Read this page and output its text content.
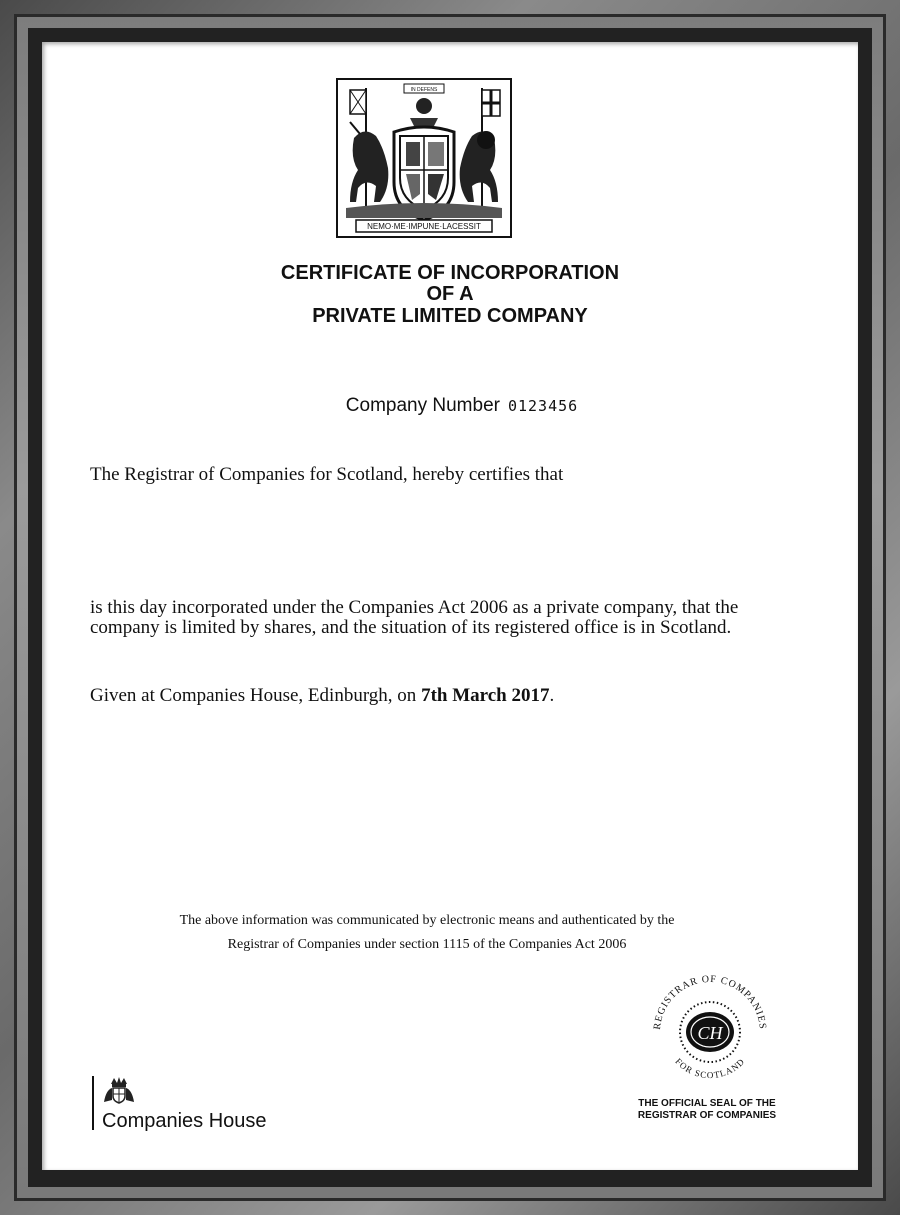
IN DEFENS
NEMO·ME·IMPUNE·LACESSIT
CERTIFICATE OF INCORPORATION
OF A
PRIVATE LIMITED COMPANY
Company Number 0123456
The Registrar of Companies for Scotland, hereby certifies that
is this day incorporated under the Companies Act 2006 as a private company, that the
company is limited by shares, and the situation of its registered office is in Scotland.
Given at Companies House, Edinburgh, on 7th March 2017.
The above information was communicated by electronic means and authenticated by the
Registrar of Companies under section 1115 of the Companies Act 2006
REGISTRAR OF COMPANIES
CH
FOR SCOTLAND
THE OFFICIAL SEAL OF THE
REGISTRAR OF COMPANIES
Companies House
